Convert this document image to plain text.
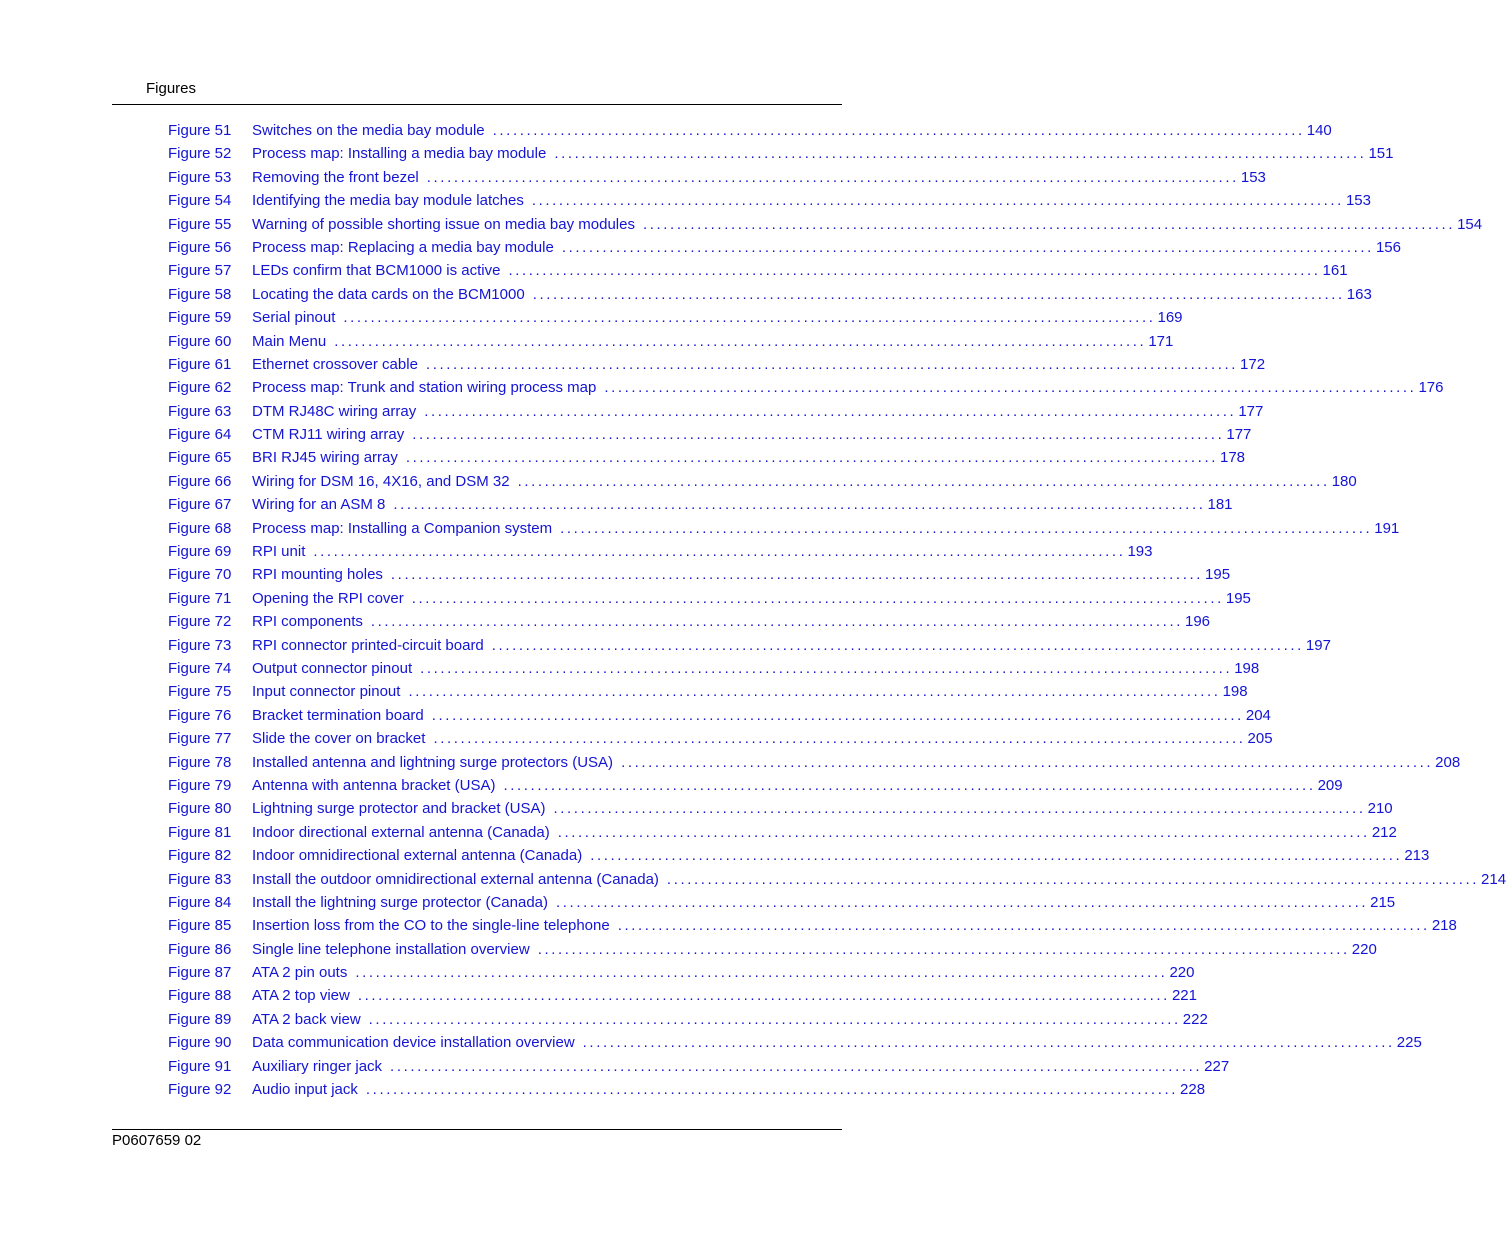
Figures
Figure 51	Switches on the media bay module ........................................................................................................................ 140
Figure 52	Process map: Installing a media bay module ........................................................................................................................ 151
Figure 53	Removing the front bezel ........................................................................................................................ 153
Figure 54	Identifying the media bay module latches ........................................................................................................................ 153
Figure 55	Warning of possible shorting issue on media bay modules ........................................................................................................................ 154
Figure 56	Process map: Replacing a media bay module ........................................................................................................................ 156
Figure 57	LEDs confirm that BCM1000 is active ........................................................................................................................ 161
Figure 58	Locating the data cards on the BCM1000 ........................................................................................................................ 163
Figure 59	Serial pinout ........................................................................................................................ 169
Figure 60	Main Menu ........................................................................................................................ 171
Figure 61	Ethernet crossover cable ........................................................................................................................ 172
Figure 62	Process map: Trunk and station wiring process map ........................................................................................................................ 176
Figure 63	DTM RJ48C wiring array ........................................................................................................................ 177
Figure 64	CTM RJ11 wiring array ........................................................................................................................ 177
Figure 65	BRI RJ45 wiring array ........................................................................................................................ 178
Figure 66	Wiring for DSM 16, 4X16, and DSM 32 ........................................................................................................................ 180
Figure 67	Wiring for an ASM 8 ........................................................................................................................ 181
Figure 68	Process map: Installing a Companion system ........................................................................................................................ 191
Figure 69	RPI unit ........................................................................................................................ 193
Figure 70	RPI mounting holes ........................................................................................................................ 195
Figure 71	Opening the RPI cover ........................................................................................................................ 195
Figure 72	RPI components ........................................................................................................................ 196
Figure 73	RPI connector printed-circuit board ........................................................................................................................ 197
Figure 74	Output connector pinout ........................................................................................................................ 198
Figure 75	Input connector pinout ........................................................................................................................ 198
Figure 76	Bracket termination board ........................................................................................................................ 204
Figure 77	Slide the cover on bracket ........................................................................................................................ 205
Figure 78	Installed antenna and lightning surge protectors (USA) ........................................................................................................................ 208
Figure 79	Antenna with antenna bracket (USA) ........................................................................................................................ 209
Figure 80	Lightning surge protector and bracket (USA) ........................................................................................................................ 210
Figure 81	Indoor directional external antenna (Canada) ........................................................................................................................ 212
Figure 82	Indoor omnidirectional external antenna (Canada) ........................................................................................................................ 213
Figure 83	Install the outdoor omnidirectional external antenna (Canada) ........................................................................................................................ 214
Figure 84	Install the lightning surge protector (Canada) ........................................................................................................................ 215
Figure 85	Insertion loss from the CO to the single-line telephone ........................................................................................................................ 218
Figure 86	Single line telephone installation overview ........................................................................................................................ 220
Figure 87	ATA 2 pin outs ........................................................................................................................ 220
Figure 88	ATA 2 top view ........................................................................................................................ 221
Figure 89	ATA 2 back view ........................................................................................................................ 222
Figure 90	Data communication device installation overview ........................................................................................................................ 225
Figure 91	Auxiliary ringer jack ........................................................................................................................ 227
Figure 92	Audio input jack ........................................................................................................................ 228
P0607659 02
